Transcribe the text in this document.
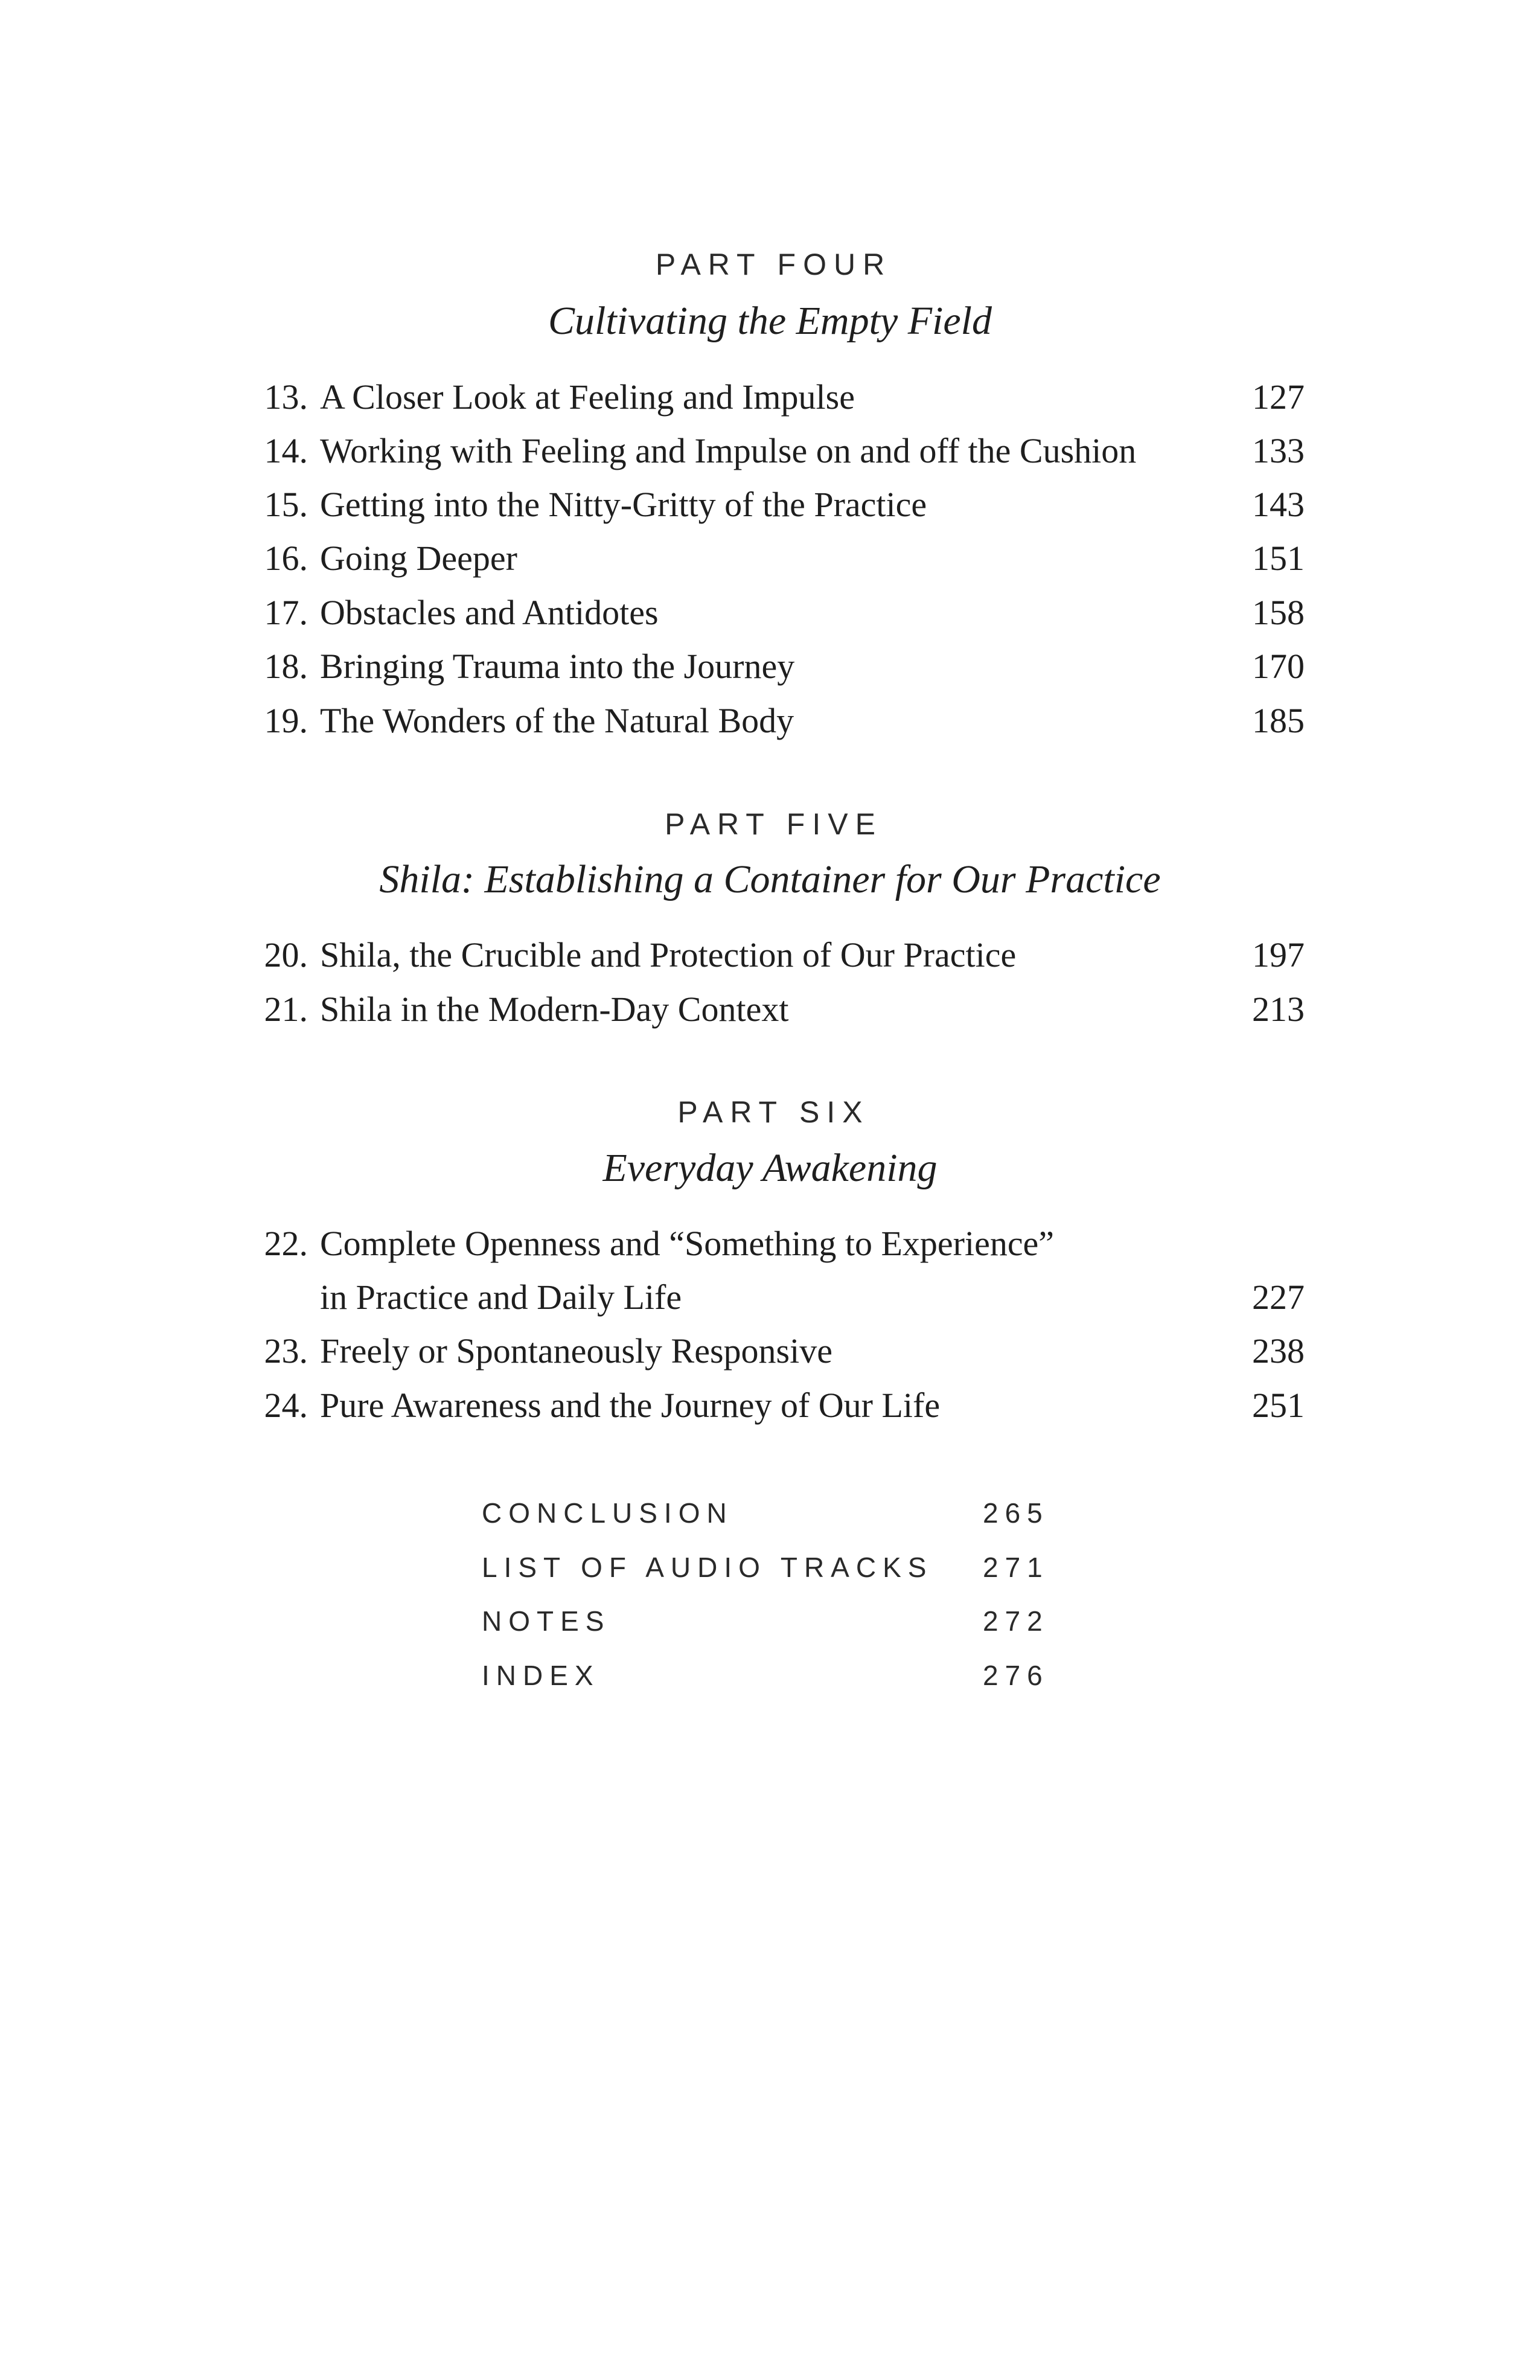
PART FOUR
Cultivating the Empty Field
13. A Closer Look at Feeling and Impulse	127
14. Working with Feeling and Impulse on and off the Cushion	133
15. Getting into the Nitty-Gritty of the Practice	143
16. Going Deeper	151
17. Obstacles and Antidotes	158
18. Bringing Trauma into the Journey	170
19. The Wonders of the Natural Body	185
PART FIVE
Shila: Establishing a Container for Our Practice
20. Shila, the Crucible and Protection of Our Practice	197
21. Shila in the Modern-Day Context	213
PART SIX
Everyday Awakening
22. Complete Openness and “Something to Experience”
in Practice and Daily Life	227
23. Freely or Spontaneously Responsive	238
24. Pure Awareness and the Journey of Our Life	251
CONCLUSION	265
LIST OF AUDIO TRACKS 271
NOTES	272
INDEX	276
